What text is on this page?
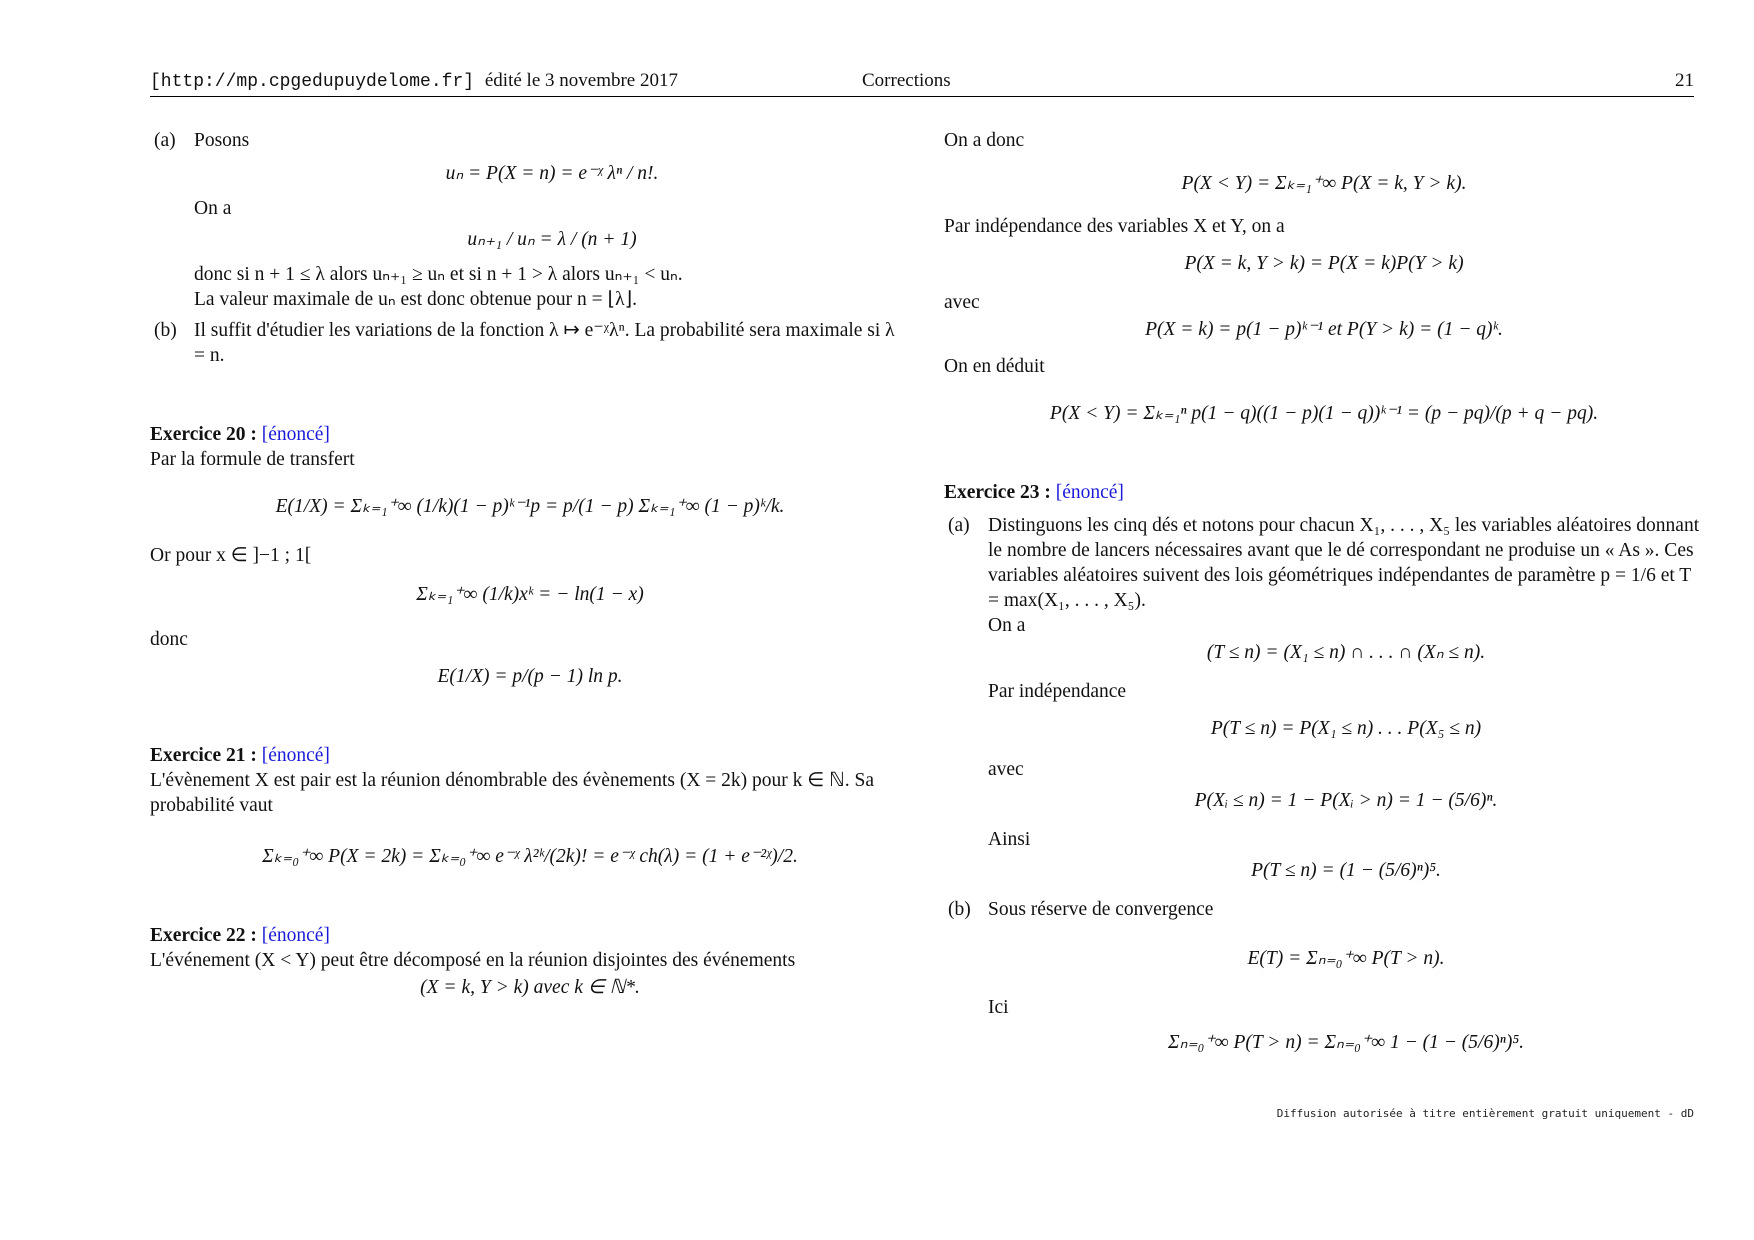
[http://mp.cpgedupuydelome.fr] édité le 3 novembre 2017	Corrections	21
(a) Posons

uₙ = P(X = n) = e⁻ᵡ λⁿ / n!.

On a

uₙ₊₁ / uₙ = λ / (n + 1)

donc si n + 1 ≤ λ alors uₙ₊₁ ≥ uₙ et si n + 1 > λ alors uₙ₊₁ < uₙ.

La valeur maximale de uₙ est donc obtenue pour n = ⌊λ⌋.

(b) Il suffit d'étudier les variations de la fonction λ ↦ e⁻ᵡλⁿ. La probabilité sera maximale si λ = n.

Exercice 20 : [énoncé]

Par la formule de transfert

E(1/X) = Σₖ₌₁⁺∞ (1/k)(1 − p)ᵏ⁻¹p = p/(1 − p) Σₖ₌₁⁺∞ (1 − p)ᵏ/k.

Or pour x ∈ ]−1 ; 1[

Σₖ₌₁⁺∞ (1/k)xᵏ = − ln(1 − x)

donc

E(1/X) = p/(p − 1) ln p.
Exercice 21 : [énoncé]

L'évènement X est pair est la réunion dénombrable des évènements (X = 2k) pour k ∈ ℕ. Sa probabilité vaut

Σₖ₌₀⁺∞ P(X = 2k) = Σₖ₌₀⁺∞ e⁻ᵡ λ²ᵏ/(2k)! = e⁻ᵡ ch(λ) = (1 + e⁻²ᵡ)/2.
Exercice 22 : [énoncé]

L'événement (X < Y) peut être décomposé en la réunion disjointes des événements

(X = k, Y > k) avec k ∈ ℕ*.

On a donc

P(X < Y) = Σₖ₌₁⁺∞ P(X = k, Y > k).

Par indépendance des variables X et Y, on a

P(X = k, Y > k) = P(X = k)P(Y > k)

avec

P(X = k) = p(1 − p)ᵏ⁻¹ et P(Y > k) = (1 − q)ᵏ.

On en déduit

P(X < Y) = Σₖ₌₁ⁿ p(1 − q)((1 − p)(1 − q))ᵏ⁻¹ = (p − pq)/(p + q − pq).
Exercice 23 : [énoncé]
(a) Distinguons les cinq dés et notons pour chacun X₁, . . . , X₅ les variables aléatoires donnant le nombre de lancers nécessaires avant que le dé correspondant ne produise un « As ». Ces variables aléatoires suivent des lois géométriques indépendantes de paramètre p = 1/6 et T = max(X₁, . . . , X₅).

On a

(T ≤ n) = (X₁ ≤ n) ∩ . . . ∩ (Xₙ ≤ n).

Par indépendance

P(T ≤ n) = P(X₁ ≤ n) . . . P(X₅ ≤ n)

avec

P(Xᵢ ≤ n) = 1 − P(Xᵢ > n) = 1 − (5/6)ⁿ.

Ainsi

P(T ≤ n) = (1 − (5/6)ⁿ)⁵.
(b) Sous réserve de convergence

E(T) = Σₙ₌₀⁺∞ P(T > n).

Ici

Σₙ₌₀⁺∞ P(T > n) = Σₙ₌₀⁺∞ 1 − (1 − (5/6)ⁿ)⁵.
Diffusion autorisée à titre entièrement gratuit uniquement - dD
